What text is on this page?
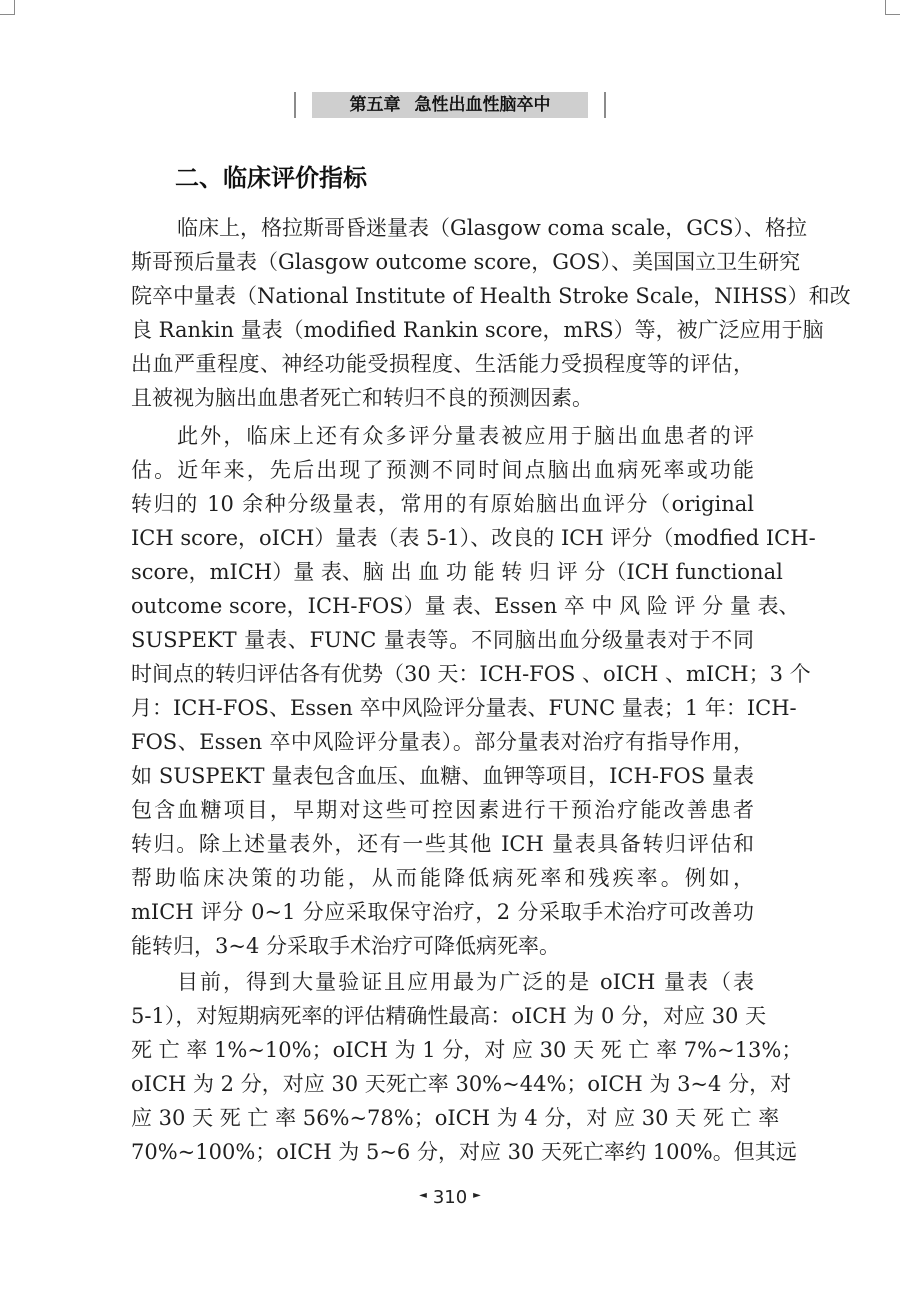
第五章 急性出血性脑卒中
二、临床评价指标
临床上，格拉斯哥昏迷量表（Glasgow coma scale，GCS）、格拉
斯哥预后量表（Glasgow outcome score，GOS）、美国国立卫生研究
院卒中量表（National Institute of Health Stroke Scale，NIHSS）和改
良 Rankin 量表（modified Rankin score，mRS）等，被广泛应用于脑
出血严重程度、神经功能受损程度、生活能力受损程度等的评估，
且被视为脑出血患者死亡和转归不良的预测因素。
此外，临床上还有众多评分量表被应用于脑出血患者的评
估。近年来，先后出现了预测不同时间点脑出血病死率或功能
转归的 10 余种分级量表，常用的有原始脑出血评分（original
ICH score，oICH）量表（表 5-1）、改良的 ICH 评分（modfied ICH-
score，mICH）量 表、脑 出 血 功 能 转 归 评 分（ICH functional
outcome score，ICH-FOS）量 表、Essen 卒 中 风 险 评 分 量 表、
SUSPEKT 量表、FUNC 量表等。不同脑出血分级量表对于不同
时间点的转归评估各有优势（30 天：ICH-FOS 、oICH 、mICH；3 个
月：ICH-FOS、Essen 卒中风险评分量表、FUNC 量表；1 年：ICH-
FOS、Essen 卒中风险评分量表）。部分量表对治疗有指导作用，
如 SUSPEKT 量表包含血压、血糖、血钾等项目，ICH-FOS 量表
包含血糖项目，早期对这些可控因素进行干预治疗能改善患者
转归。除上述量表外，还有一些其他 ICH 量表具备转归评估和
帮助临床决策的功能，从而能降低病死率和残疾率。例如，
mICH 评分 0~1 分应采取保守治疗，2 分采取手术治疗可改善功
能转归，3~4 分采取手术治疗可降低病死率。
目前，得到大量验证且应用最为广泛的是 oICH 量表（表
5-1），对短期病死率的评估精确性最高：oICH 为 0 分，对应 30 天
死 亡 率 1%~10%；oICH 为 1 分，对 应 30 天 死 亡 率 7%~13%；
oICH 为 2 分，对应 30 天死亡率 30%~44%；oICH 为 3~4 分，对
应 30 天 死 亡 率 56%~78%；oICH 为 4 分，对 应 30 天 死 亡 率
70%~100%；oICH 为 5~6 分，对应 30 天死亡率约 100%。但其远
◄ 310 ►
